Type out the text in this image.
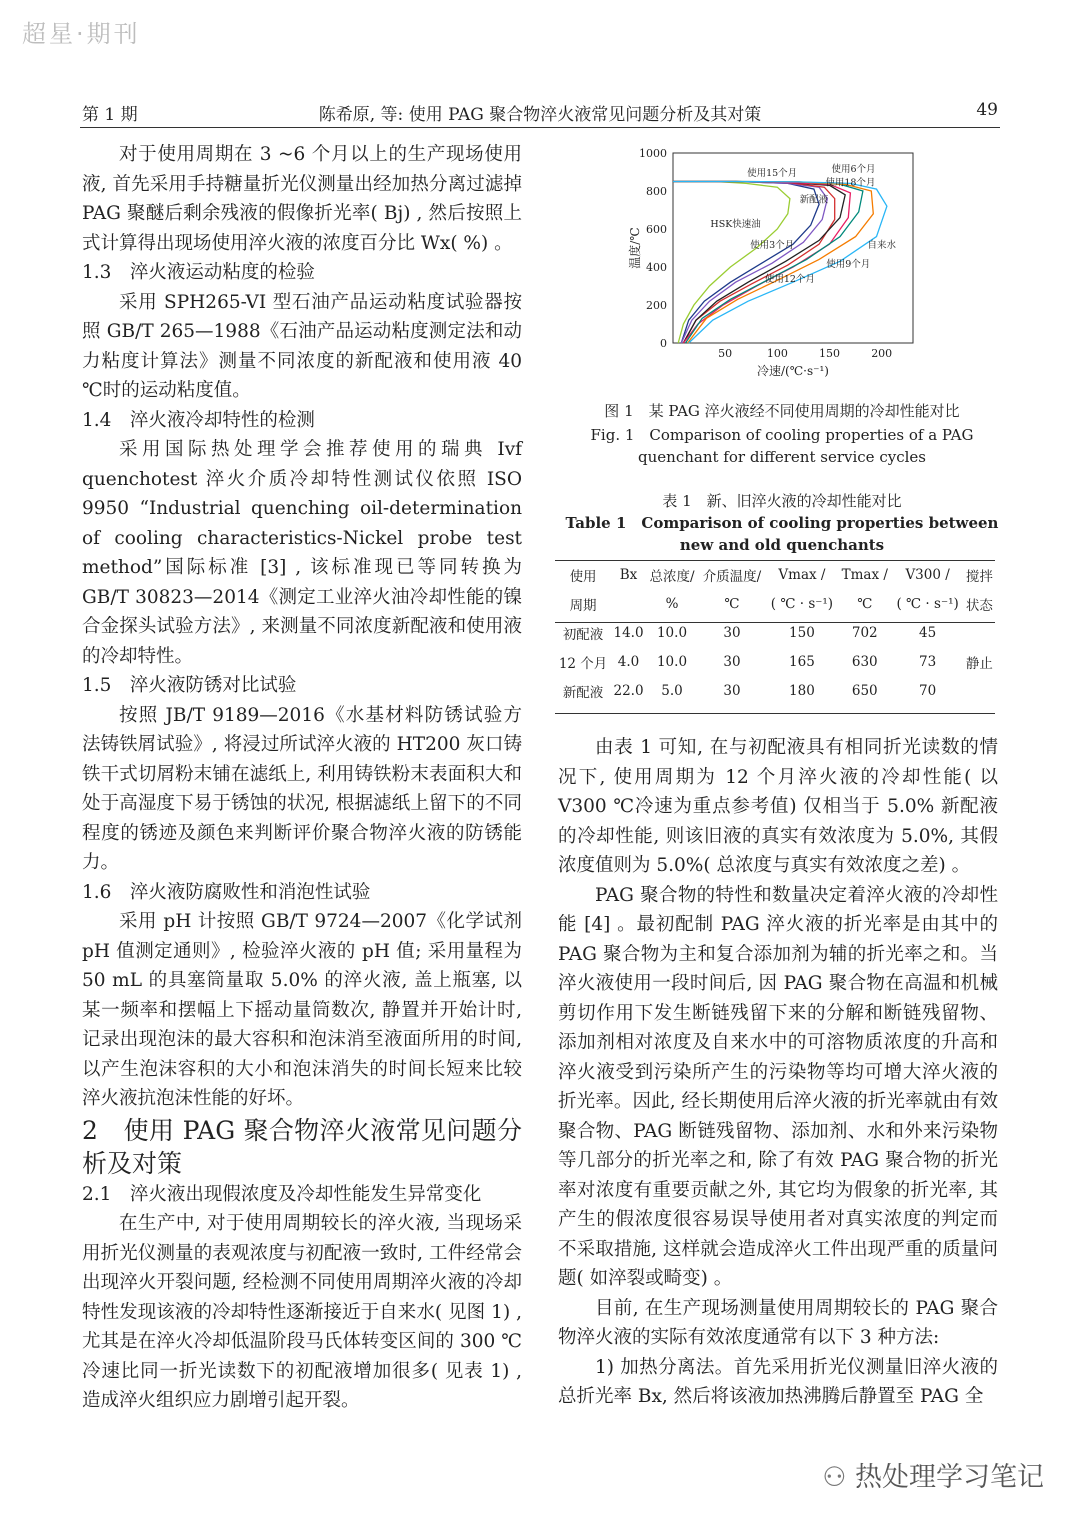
超星·期刊
第 1 期	陈希原, 等: 使用 PAG 聚合物淬火液常见问题分析及其对策	49

对于使用周期在 3 ~6 个月以上的生产现场使用液, 首先采用手持糖量折光仪测量出经加热分离过滤掉 PAG 聚醚后剩余残液的假像折光率( Bj) , 然后按照上式计算得出现场使用淬火液的浓度百分比 Wx( %) 。

1.3　淬火液运动粘度的检验

采用 SPH265-VI 型石油产品运动粘度试验器按照 GB/T 265—1988《石油产品运动粘度测定法和动力粘度计算法》测量不同浓度的新配液和使用液 40 ℃时的运动粘度值。

1.4　淬火液冷却特性的检测

采用国际热处理学会推荐使用的瑞典 Ivf quenchotest 淬火介质冷却特性测试仪依照 ISO 9950 “Industrial quenching oil-determination of cooling characteristics-Nickel probe test method”国际标准 [3] , 该标准现已等同转换为 GB/T 30823—2014《测定工业淬火油冷却性能的镍合金探头试验方法》, 来测量不同浓度新配液和使用液的冷却特性。

1.5　淬火液防锈对比试验

按照 JB/T 9189—2016《水基材料防锈试验方法铸铁屑试验》, 将浸过所试淬火液的 HT200 灰口铸铁干式切屑粉末铺在滤纸上, 利用铸铁粉末表面积大和处于高湿度下易于锈蚀的状况, 根据滤纸上留下的不同程度的锈迹及颜色来判断评价聚合物淬火液的防锈能力。

1.6　淬火液防腐败性和消泡性试验

采用 pH 计按照 GB/T 9724—2007《化学试剂 pH 值测定通则》, 检验淬火液的 pH 值; 采用量程为 50 mL 的具塞筒量取 5.0% 的淬火液, 盖上瓶塞, 以某一频率和摆幅上下摇动量筒数次, 静置并开始计时, 记录出现泡沫的最大容积和泡沫消至液面所用的时间, 以产生泡沫容积的大小和泡沫消失的时间长短来比较淬火液抗泡沫性能的好坏。

2　使用 PAG 聚合物淬火液常见问题分析及对策

2.1　淬火液出现假浓度及冷却性能发生异常变化

在生产中, 对于使用周期较长的淬火液, 当现场采用折光仪测量的表观浓度与初配液一致时, 工件经常会出现淬火开裂问题, 经检测不同使用周期淬火液的冷却特性发现该液的冷却特性逐渐接近于自来水( 见图 1) , 尤其是在淬火冷却低温阶段马氏体转变区间的 300 ℃冷速比同一折光读数下的初配液增加很多( 见表 1) , 造成淬火组织应力剧增引起开裂。

0
200
400
600
800
1000
50	100	150	200
冷速/(℃·s⁻¹)
温度/℃
HSK快速油
使用3个月
新配液
使用12个月
使用15个月
使用9个月
使用6个月
使用18个月
自来水
图 1　某 PAG 淬火液经不同使用周期的冷却性能对比
Fig. 1　Comparison of cooling properties of a PAG
quenchant for different service cycles
表 1　新、旧淬火液的冷却性能对比
Table 1　Comparison of cooling properties between
new and old quenchants
使用	Bx	总浓度/	介质温度/	Vmax /	Tmax /	V300 /	搅拌
周期		%	℃	( ℃ · s⁻¹)	℃	( ℃ · s⁻¹)	状态
初配液	14.0	10.0	30	150	702	45	
12 个月	4.0	10.0	30	165	630	73	静止
新配液	22.0	5.0	30	180	650	70	

由表 1 可知, 在与初配液具有相同折光读数的情况下, 使用周期为 12 个月淬火液的冷却性能( 以 V300 ℃冷速为重点参考值) 仅相当于 5.0% 新配液的冷却性能, 则该旧液的真实有效浓度为 5.0%, 其假浓度值则为 5.0%( 总浓度与真实有效浓度之差) 。

PAG 聚合物的特性和数量决定着淬火液的冷却性能 [4] 。最初配制 PAG 淬火液的折光率是由其中的 PAG 聚合物为主和复合添加剂为辅的折光率之和。当淬火液使用一段时间后, 因 PAG 聚合物在高温和机械剪切作用下发生断链残留下来的分解和断链残留物、添加剂相对浓度及自来水中的可溶物质浓度的升高和淬火液受到污染所产生的污染物等均可增大淬火液的折光率。因此, 经长期使用后淬火液的折光率就由有效聚合物、PAG 断链残留物、添加剂、水和外来污染物等几部分的折光率之和, 除了有效 PAG 聚合物的折光率对浓度有重要贡献之外, 其它均为假象的折光率, 其产生的假浓度很容易误导使用者对真实浓度的判定而不采取措施, 这样就会造成淬火工件出现严重的质量问题( 如淬裂或畸变) 。

目前, 在生产现场测量使用周期较长的 PAG 聚合物淬火液的实际有效浓度通常有以下 3 种方法:

1) 加热分离法。首先采用折光仪测量旧淬火液的总折光率 Bx, 然后将该液加热沸腾后静置至 PAG 全

⚇ 热处理学习笔记
